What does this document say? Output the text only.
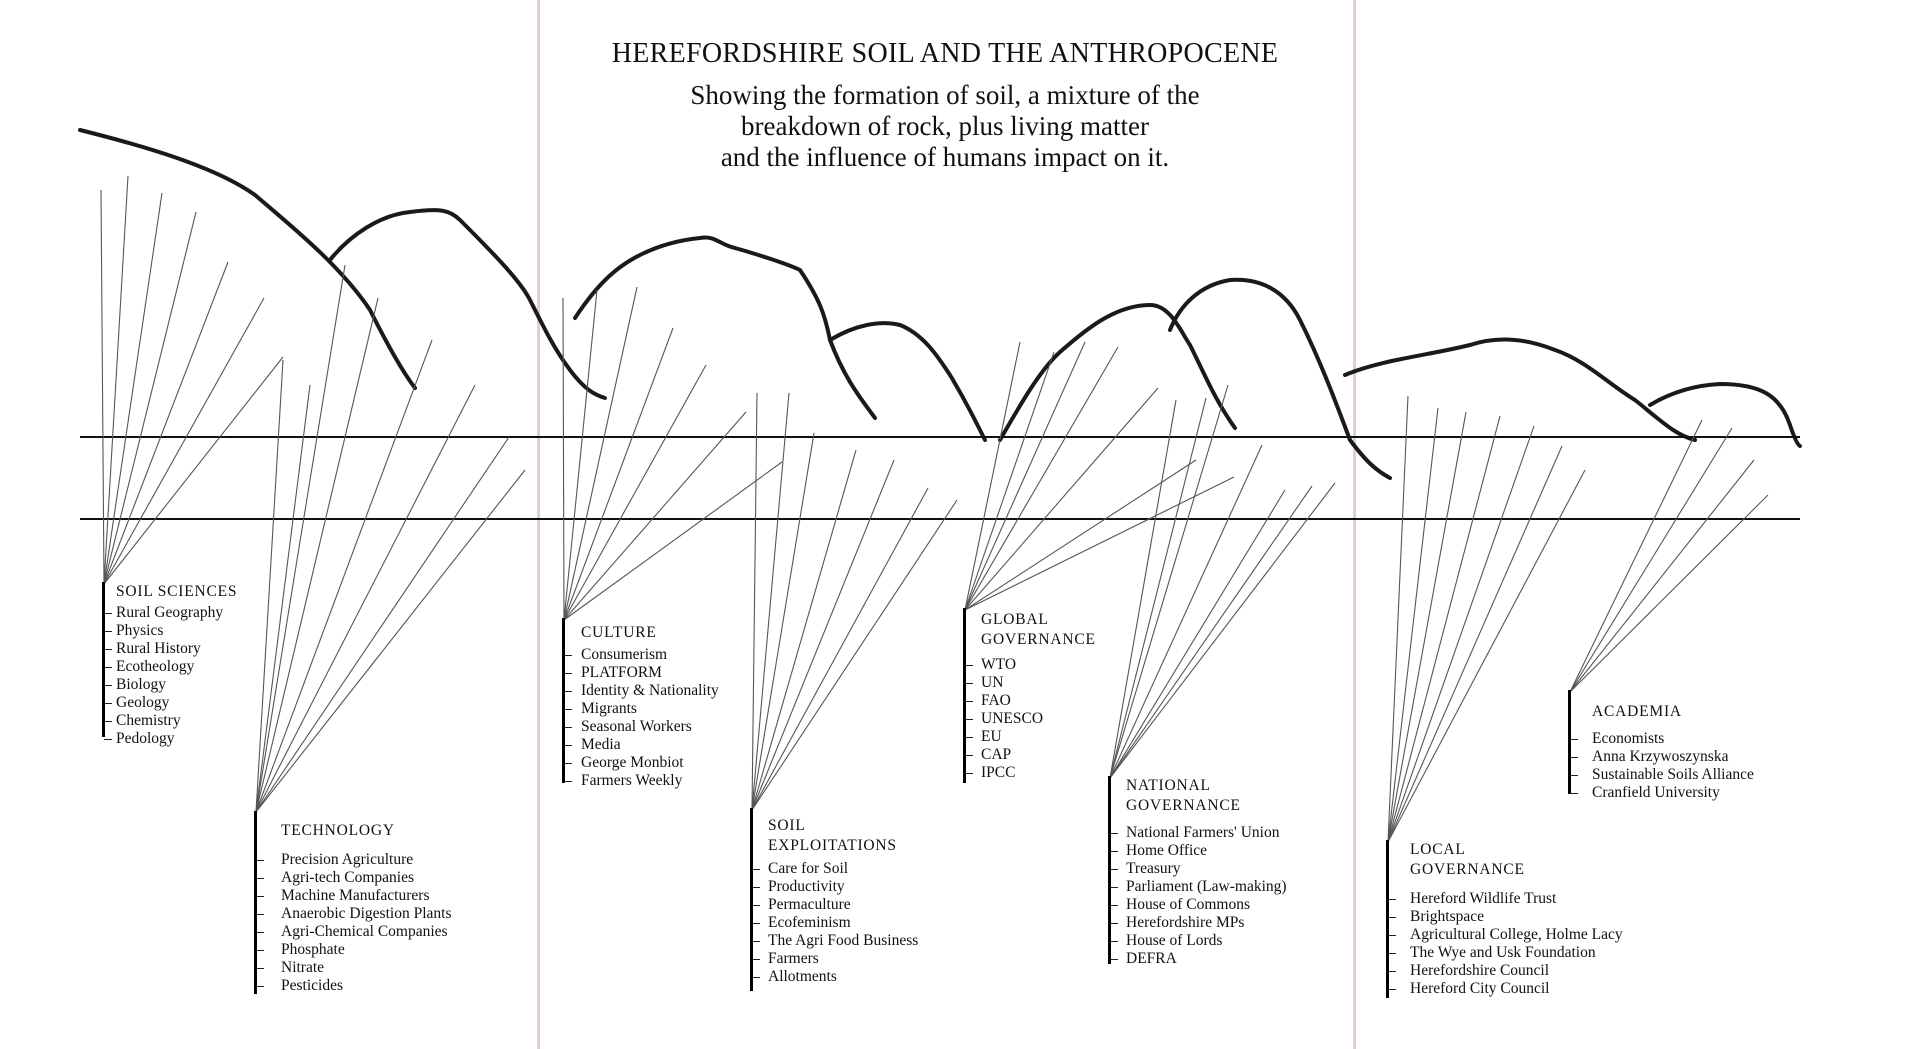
HEREFORDSHIRE SOIL AND THE ANTHROPOCENE
Showing the formation of soil, a mixture of the
breakdown of rock, plus living matter
and the influence of humans impact on it.
SOIL SCIENCES
Rural Geography
Physics
Rural History
Ecotheology
Biology
Geology
Chemistry
Pedology
TECHNOLOGY
Precision Agriculture
Agri-tech Companies
Machine Manufacturers
Anaerobic Digestion Plants
Agri-Chemical Companies
Phosphate
Nitrate
Pesticides
CULTURE
Consumerism
PLATFORM
Identity & Nationality
Migrants
Seasonal Workers
Media
George Monbiot
Farmers Weekly
SOIL
EXPLOITATIONS
Care for Soil
Productivity
Permaculture
Ecofeminism
The Agri Food Business
Farmers
Allotments
GLOBAL
GOVERNANCE
WTO
UN
FAO
UNESCO
EU
CAP
IPCC
NATIONAL
GOVERNANCE
National Farmers' Union
Home Office
Treasury
Parliament (Law-making)
House of Commons
Herefordshire MPs
House of Lords
DEFRA
LOCAL
GOVERNANCE
Hereford Wildlife Trust
Brightspace
Agricultural College, Holme Lacy
The Wye and Usk Foundation
Herefordshire Council
Hereford City Council
ACADEMIA
Economists
Anna Krzywoszynska
Sustainable Soils Alliance
Cranfield University
